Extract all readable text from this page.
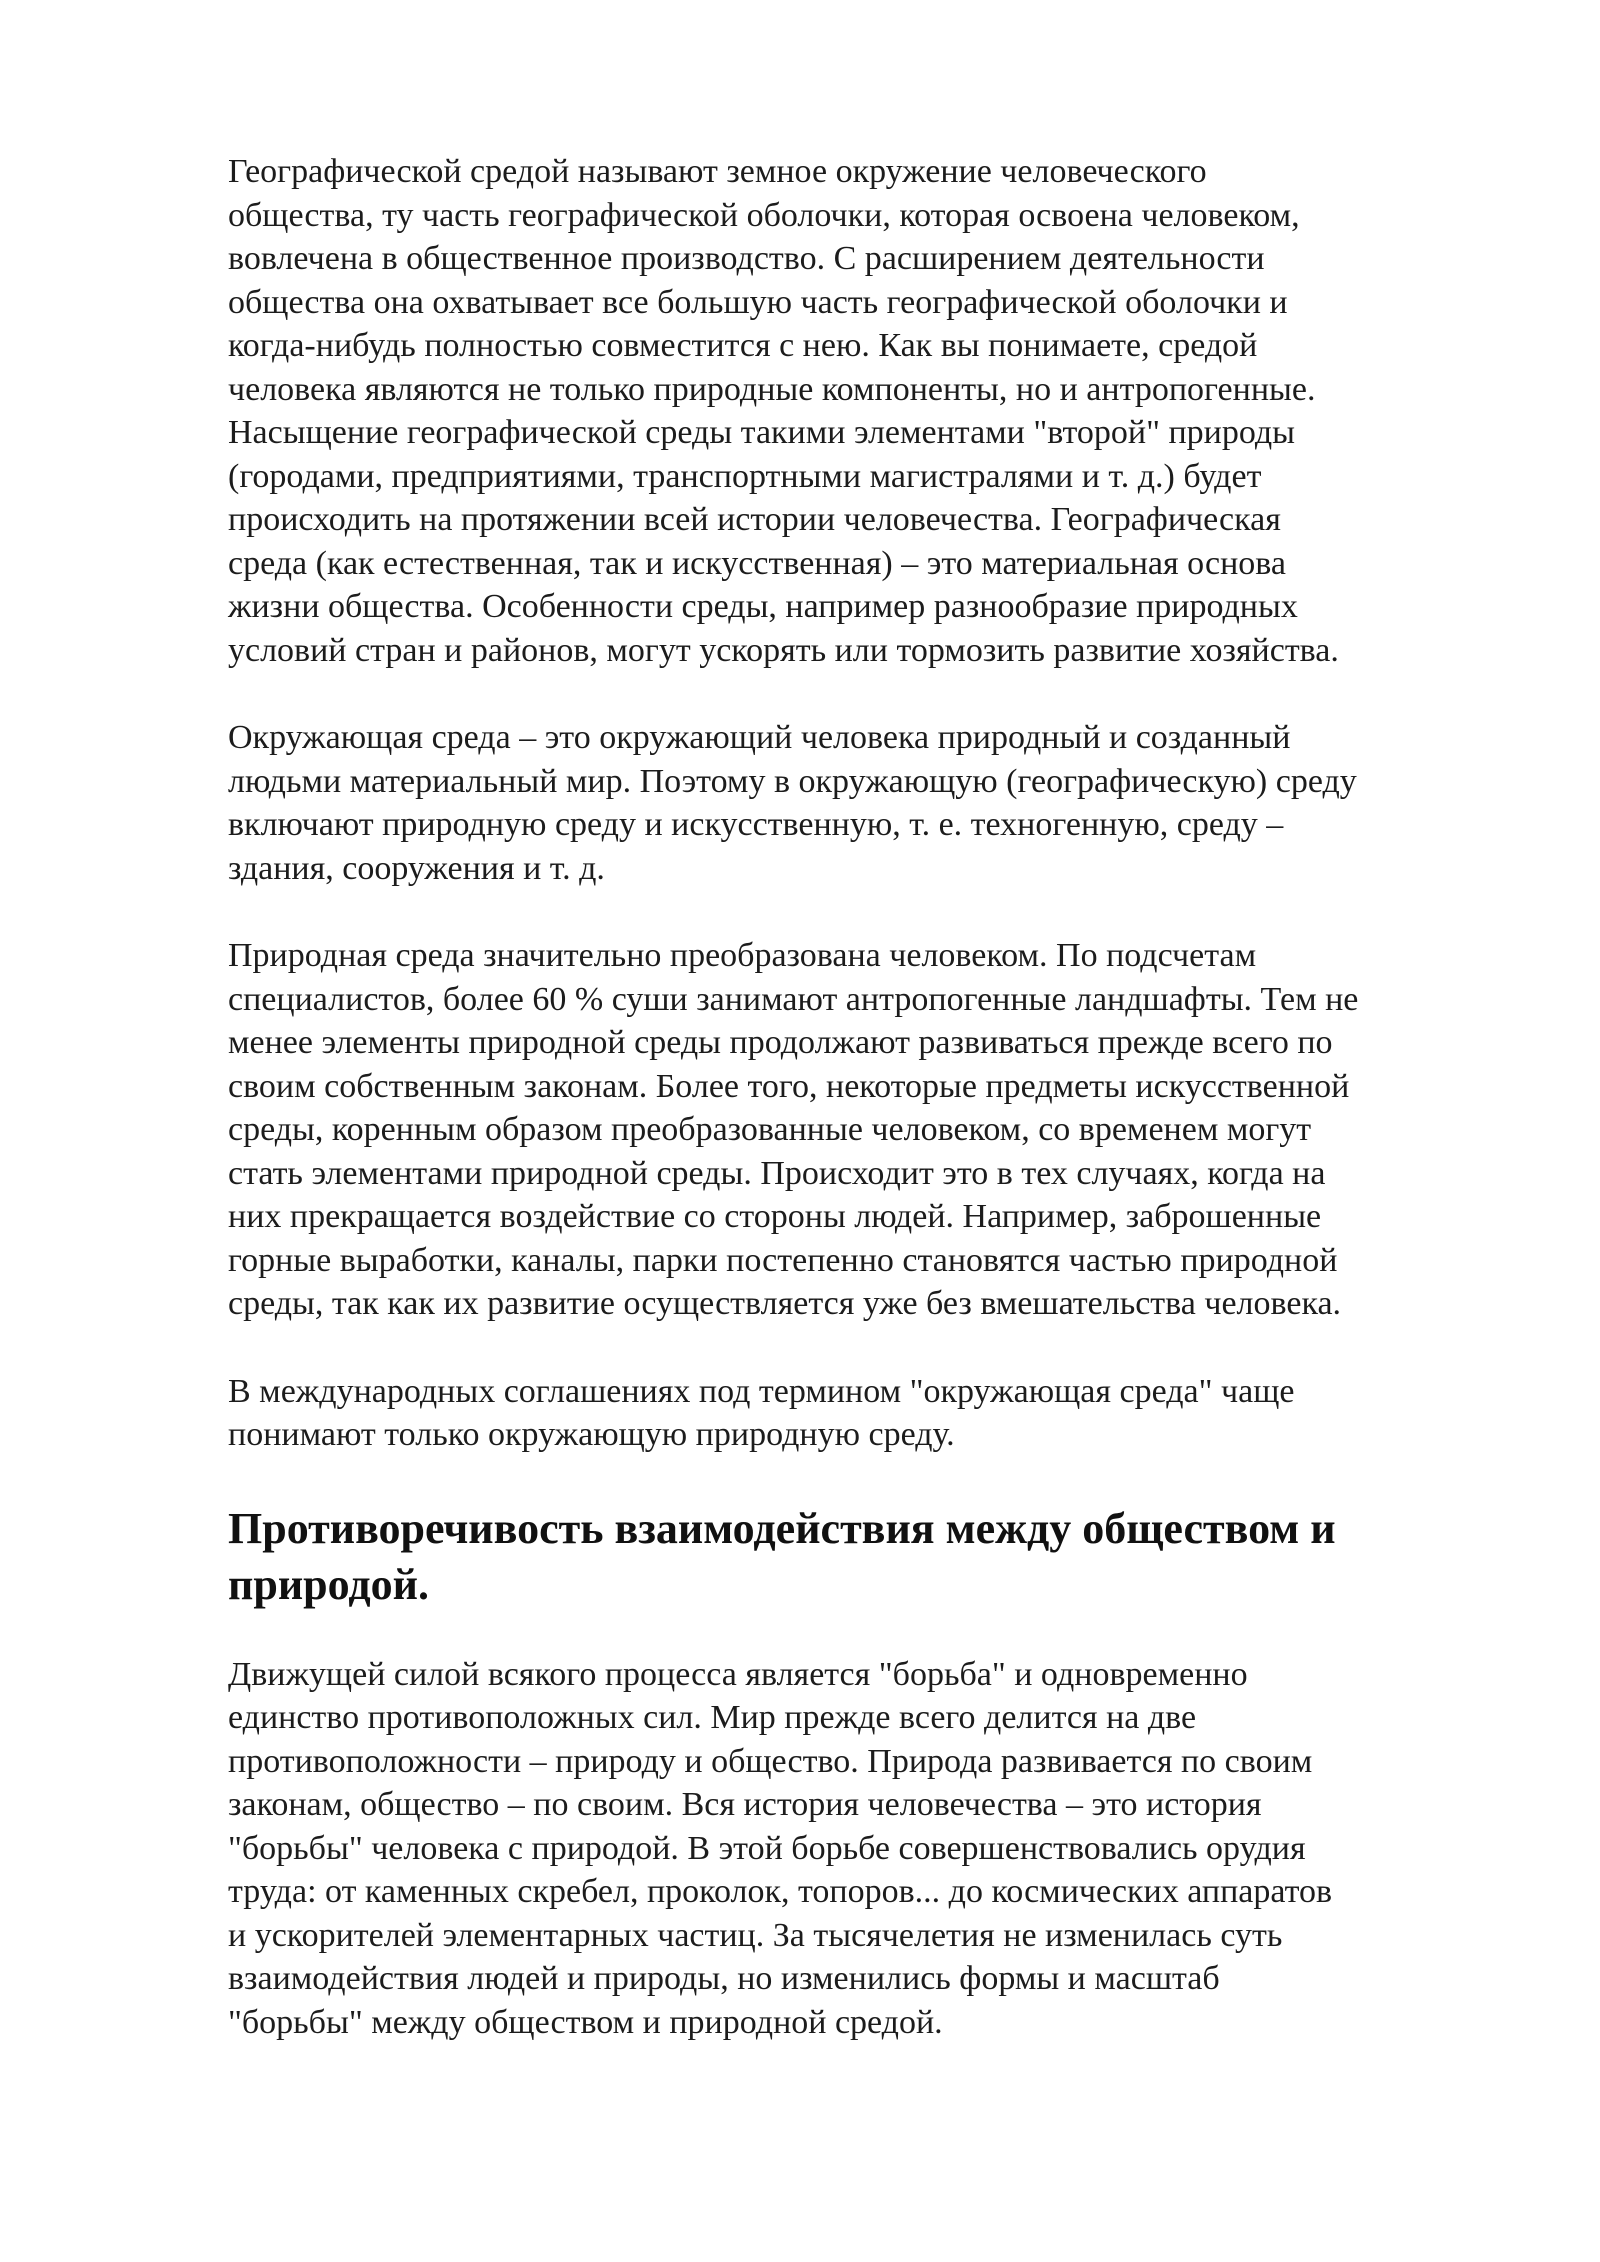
Географической средой называют земное окружение человеческого
общества, ту часть географической оболочки, которая освоена человеком,
вовлечена в общественное производство. С расширением деятельности
общества она охватывает все большую часть географической оболочки и
когда-нибудь полностью совместится с нею. Как вы понимаете, средой
человека являются не только природные компоненты, но и антропогенные.
Насыщение географической среды такими элементами "второй" природы
(городами, предприятиями, транспортными магистралями и т. д.) будет
происходить на протяжении всей истории человечества. Географическая
среда (как естественная, так и искусственная) – это материальная основа
жизни общества. Особенности среды, например разнообразие природных
условий стран и районов, могут ускорять или тормозить развитие хозяйства.

Окружающая среда – это окружающий человека природный и созданный
людьми материальный мир. Поэтому в окружающую (географическую) среду
включают природную среду и искусственную, т. е. техногенную, среду –
здания, сооружения и т. д.

Природная среда значительно преобразована человеком. По подсчетам
специалистов, более 60 % суши занимают антропогенные ландшафты. Тем не
менее элементы природной среды продолжают развиваться прежде всего по
своим собственным законам. Более того, некоторые предметы искусственной
среды, коренным образом преобразованные человеком, со временем могут
стать элементами природной среды. Происходит это в тех случаях, когда на
них прекращается воздействие со стороны людей. Например, заброшенные
горные выработки, каналы, парки постепенно становятся частью природной
среды, так как их развитие осуществляется уже без вмешательства человека.

В международных соглашениях под термином "окружающая среда" чаще
понимают только окружающую природную среду.

Противоречивость взаимодействия между обществом и
природой.

Движущей силой всякого процесса является "борьба" и одновременно
единство противоположных сил. Мир прежде всего делится на две
противоположности – природу и общество. Природа развивается по своим
законам, общество – по своим. Вся история человечества – это история
"борьбы" человека с природой. В этой борьбе совершенствовались орудия
труда: от каменных скребел, проколок, топоров... до космических аппаратов
и ускорителей элементарных частиц. За тысячелетия не изменилась суть
взаимодействия людей и природы, но изменились формы и масштаб
"борьбы" между обществом и природной средой.
